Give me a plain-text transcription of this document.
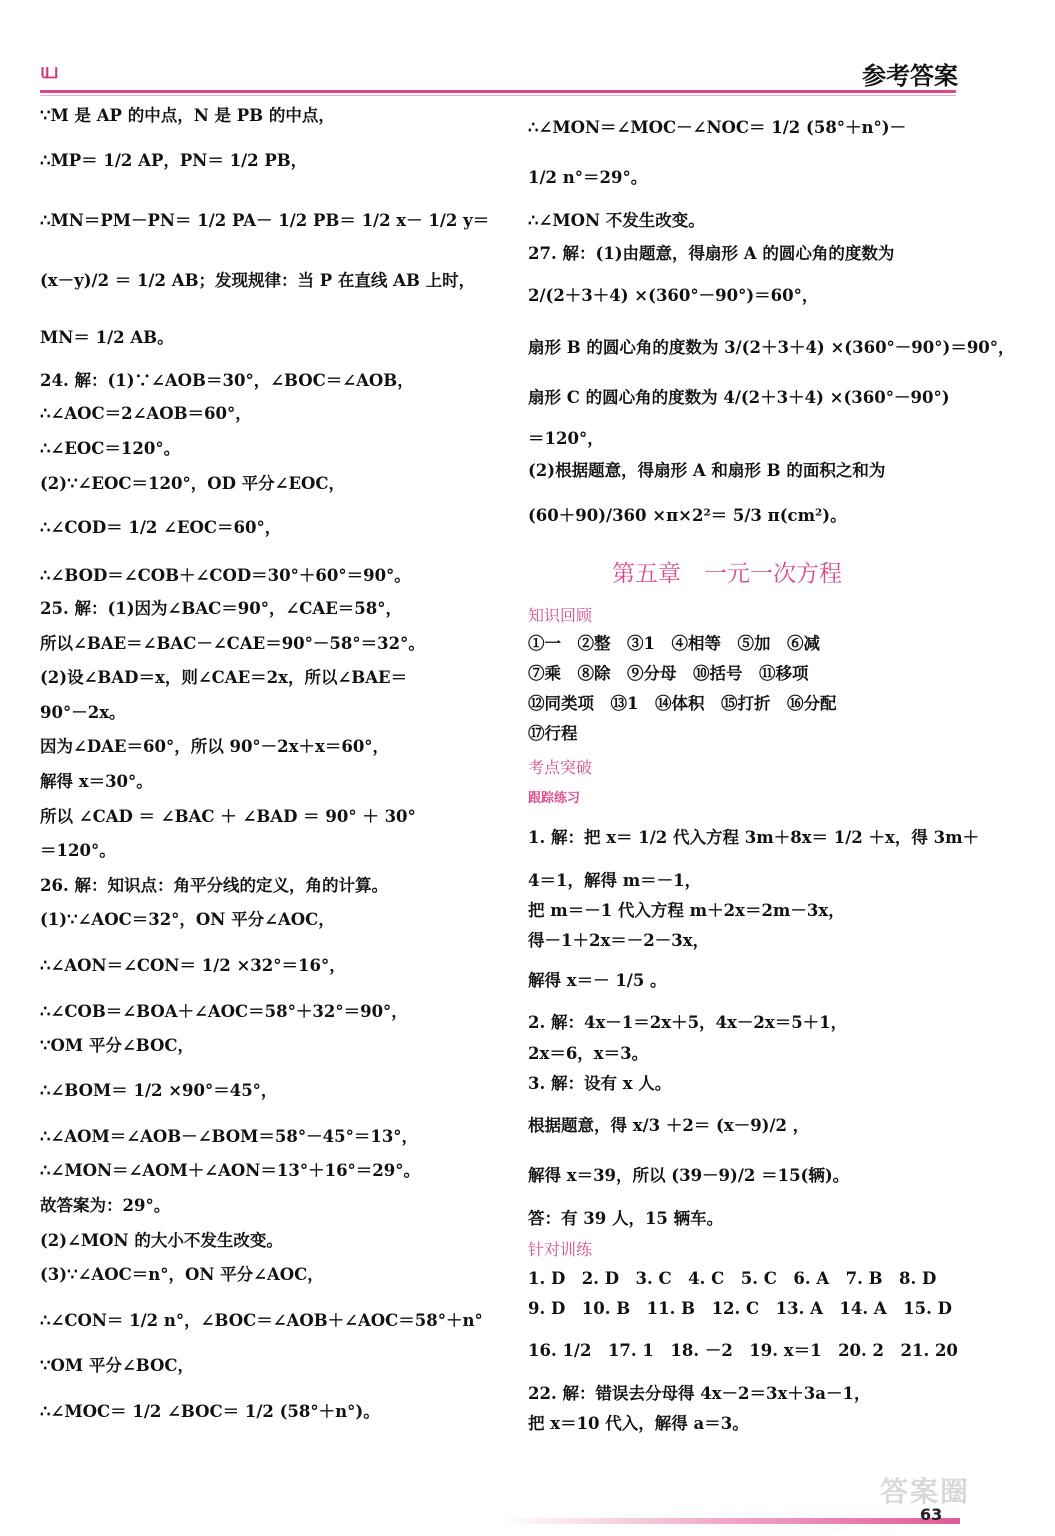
ய	参考答案
∵M 是 AP 的中点，N 是 PB 的中点，
∴MP＝ 1/2 AP，PN＝ 1/2 PB，
∴MN＝PM－PN＝ 1/2 PA－ 1/2 PB＝ 1/2 x－ 1/2 y＝
(x－y)/2 ＝ 1/2 AB；发现规律：当 P 在直线 AB 上时，
MN＝ 1/2 AB。
24. 解：(1)∵∠AOB＝30°，∠BOC＝∠AOB，
∴∠AOC＝2∠AOB＝60°，
∴∠EOC＝120°。
(2)∵∠EOC＝120°，OD 平分∠EOC，
∴∠COD＝ 1/2 ∠EOC＝60°，
∴∠BOD＝∠COB＋∠COD＝30°＋60°＝90°。
25. 解：(1)因为∠BAC＝90°，∠CAE＝58°，
所以∠BAE＝∠BAC－∠CAE＝90°－58°＝32°。
(2)设∠BAD＝x，则∠CAE＝2x，所以∠BAE＝
90°－2x。
因为∠DAE＝60°，所以 90°－2x＋x＝60°，
解得 x＝30°。
所以 ∠CAD ＝ ∠BAC ＋ ∠BAD ＝ 90° ＋ 30°
＝120°。
26. 解：知识点：角平分线的定义，角的计算。
(1)∵∠AOC＝32°，ON 平分∠AOC，
∴∠AON＝∠CON＝ 1/2 ×32°＝16°，
∴∠COB＝∠BOA＋∠AOC＝58°＋32°＝90°，
∵OM 平分∠BOC，
∴∠BOM＝ 1/2 ×90°＝45°，
∴∠AOM＝∠AOB－∠BOM＝58°－45°＝13°，
∴∠MON＝∠AOM＋∠AON＝13°＋16°＝29°。
故答案为：29°。
(2)∠MON 的大小不发生改变。
(3)∵∠AOC＝n°，ON 平分∠AOC，
∴∠CON＝ 1/2 n°，∠BOC＝∠AOB＋∠AOC＝58°＋n°
∵OM 平分∠BOC，
∴∠MOC＝ 1/2 ∠BOC＝ 1/2 (58°＋n°)。
∴∠MON＝∠MOC－∠NOC＝ 1/2 (58°＋n°)－
1/2 n°＝29°。
∴∠MON 不发生改变。
27. 解：(1)由题意，得扇形 A 的圆心角的度数为
2/(2＋3＋4) ×(360°－90°)＝60°，
扇形 B 的圆心角的度数为 3/(2＋3＋4) ×(360°－90°)＝90°，
扇形 C 的圆心角的度数为 4/(2＋3＋4) ×(360°－90°)
＝120°，
(2)根据题意，得扇形 A 和扇形 B 的面积之和为
(60＋90)/360 ×π×2²＝ 5/3 π(cm²)。
第五章　一元一次方程
知识回顾
①一　②整　③1　④相等　⑤加　⑥减
⑦乘　⑧除　⑨分母　⑩括号　⑪移项
⑫同类项　⑬1　⑭体积　⑮打折　⑯分配
⑰行程
考点突破
跟踪练习
1. 解：把 x＝ 1/2 代入方程 3m＋8x＝ 1/2 ＋x，得 3m＋
4＝1，解得 m＝－1，
把 m＝－1 代入方程 m＋2x＝2m－3x，
得－1＋2x＝－2－3x，
解得 x＝－ 1/5 。
2. 解：4x－1＝2x＋5，4x－2x＝5＋1，
2x＝6，x＝3。
3. 解：设有 x 人。
根据题意，得 x/3 ＋2＝ (x－9)/2 ，
解得 x＝39，所以 (39－9)/2 ＝15(辆)。
答：有 39 人，15 辆车。
针对训练
1. D　2. D　3. C　4. C　5. C　6. A　7. B　8. D
9. D　10. B　11. B　12. C　13. A　14. A　15. D
16. 1/2　17. 1　18. －2　19. x＝1　20. 2　21. 20
22. 解：错误去分母得 4x－2＝3x＋3a－1，
把 x＝10 代入，解得 a＝3。
答案圈
63
